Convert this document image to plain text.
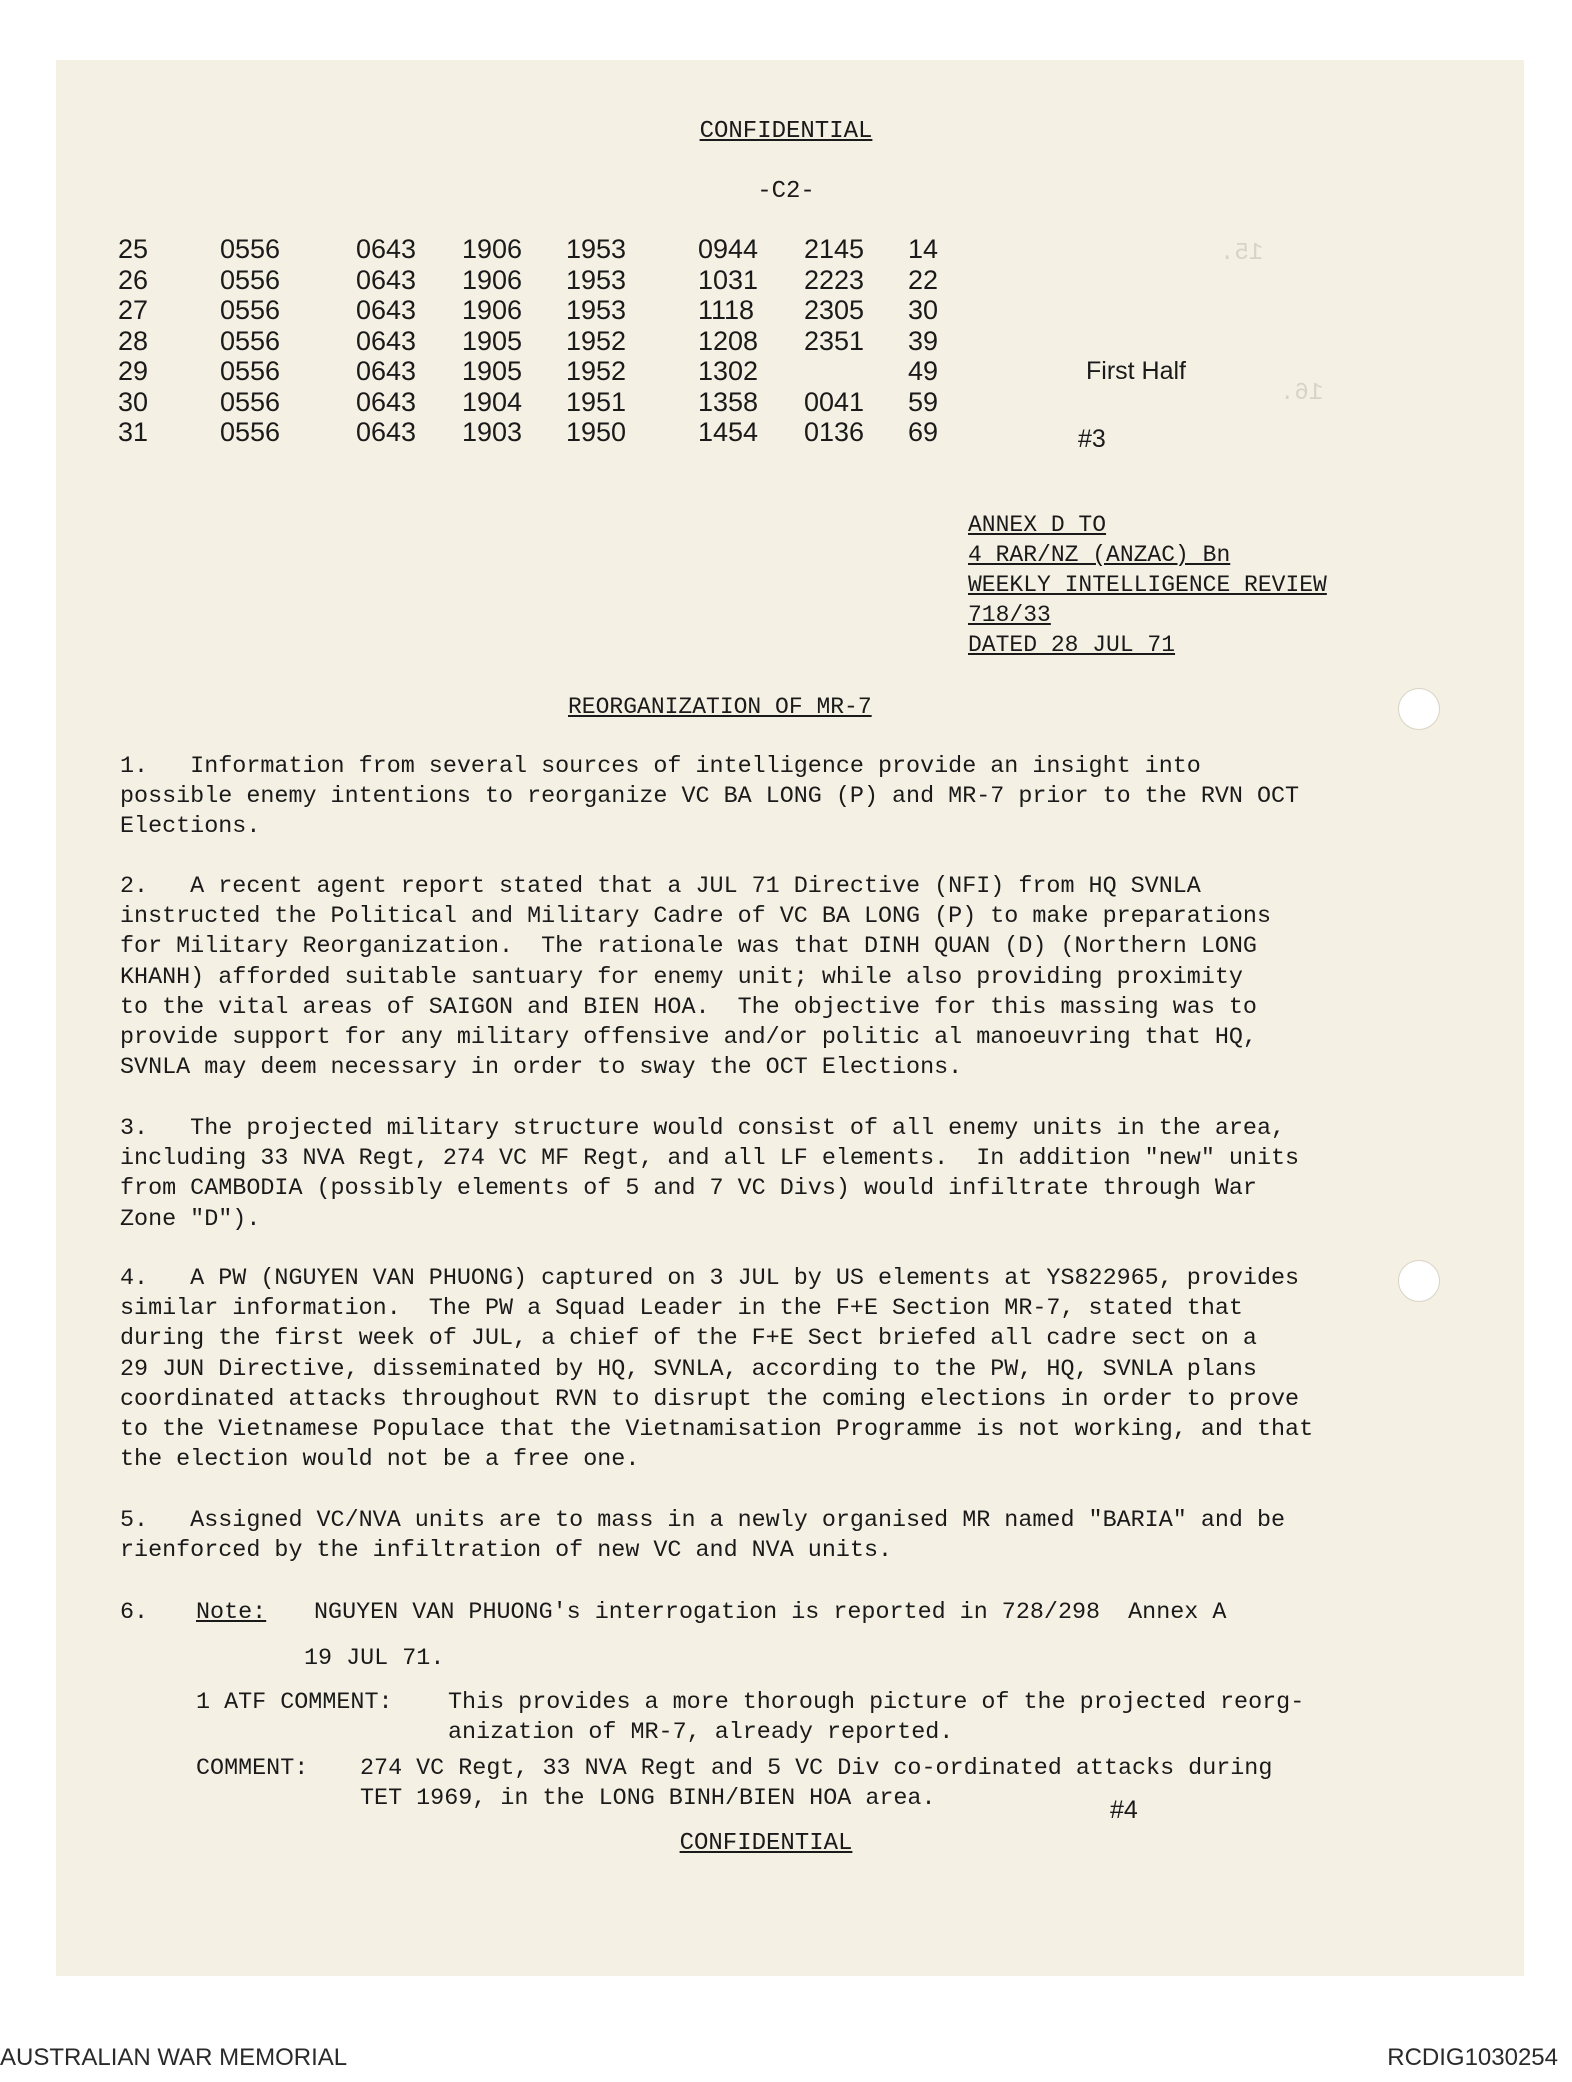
15.
16.
CONFIDENTIAL
-C2-
25	0556	0643 1906 1953	0944 2145 14
26	0556	0643 1906 1953	1031 2223 22
27	0556	0643 1906 1953	1118 2305 30
28	0556	0643 1905 1952	1208 2351 39
29	0556	0643 1905 1952	1302	49
30	0556	0643 1904 1951	1358 0041 59
31	0556	0643 1903 1950	1454 0136 69
First Half
#3
ANNEX D TO
4 RAR/NZ (ANZAC) Bn
WEEKLY INTELLIGENCE REVIEW
718/33
DATED 28 JUL 71
REORGANIZATION OF MR-7
1.   Information from several sources of intelligence provide an insight into
possible enemy intentions to reorganize VC BA LONG (P) and MR-7 prior to the RVN OCT
Elections.
2.   A recent agent report stated that a JUL 71 Directive (NFI) from HQ SVNLA
instructed the Political and Military Cadre of VC BA LONG (P) to make preparations
for Military Reorganization.  The rationale was that DINH QUAN (D) (Northern LONG
KHANH) afforded suitable santuary for enemy unit; while also providing proximity
to the vital areas of SAIGON and BIEN HOA.  The objective for this massing was to
provide support for any military offensive and/or politic al manoeuvring that HQ,
SVNLA may deem necessary in order to sway the OCT Elections.
3.   The projected military structure would consist of all enemy units in the area,
including 33 NVA Regt, 274 VC MF Regt, and all LF elements.  In addition "new" units
from CAMBODIA (possibly elements of 5 and 7 VC Divs) would infiltrate through War
Zone "D").
4.   A PW (NGUYEN VAN PHUONG) captured on 3 JUL by US elements at YS822965, provides
similar information.  The PW a Squad Leader in the F+E Section MR-7, stated that
during the first week of JUL, a chief of the F+E Sect briefed all cadre sect on a
29 JUN Directive, disseminated by HQ, SVNLA, according to the PW, HQ, SVNLA plans
coordinated attacks throughout RVN to disrupt the coming elections in order to prove
to the Vietnamese Populace that the Vietnamisation Programme is not working, and that
the election would not be a free one.
5.   Assigned VC/NVA units are to mass in a newly organised MR named "BARIA" and be
rienforced by the infiltration of new VC and NVA units.
6.	Note:	NGUYEN VAN PHUONG's interrogation is reported in 728/298  Annex A
19 JUL 71.
1 ATF COMMENT:	This provides a more thorough picture of the projected reorg-
anization of MR-7, already reported.
COMMENT:	274 VC Regt, 33 NVA Regt and 5 VC Div co-ordinated attacks during
TET 1969, in the LONG BINH/BIEN HOA area.	#4
CONFIDENTIAL
AUSTRALIAN WAR MEMORIAL	RCDIG1030254
